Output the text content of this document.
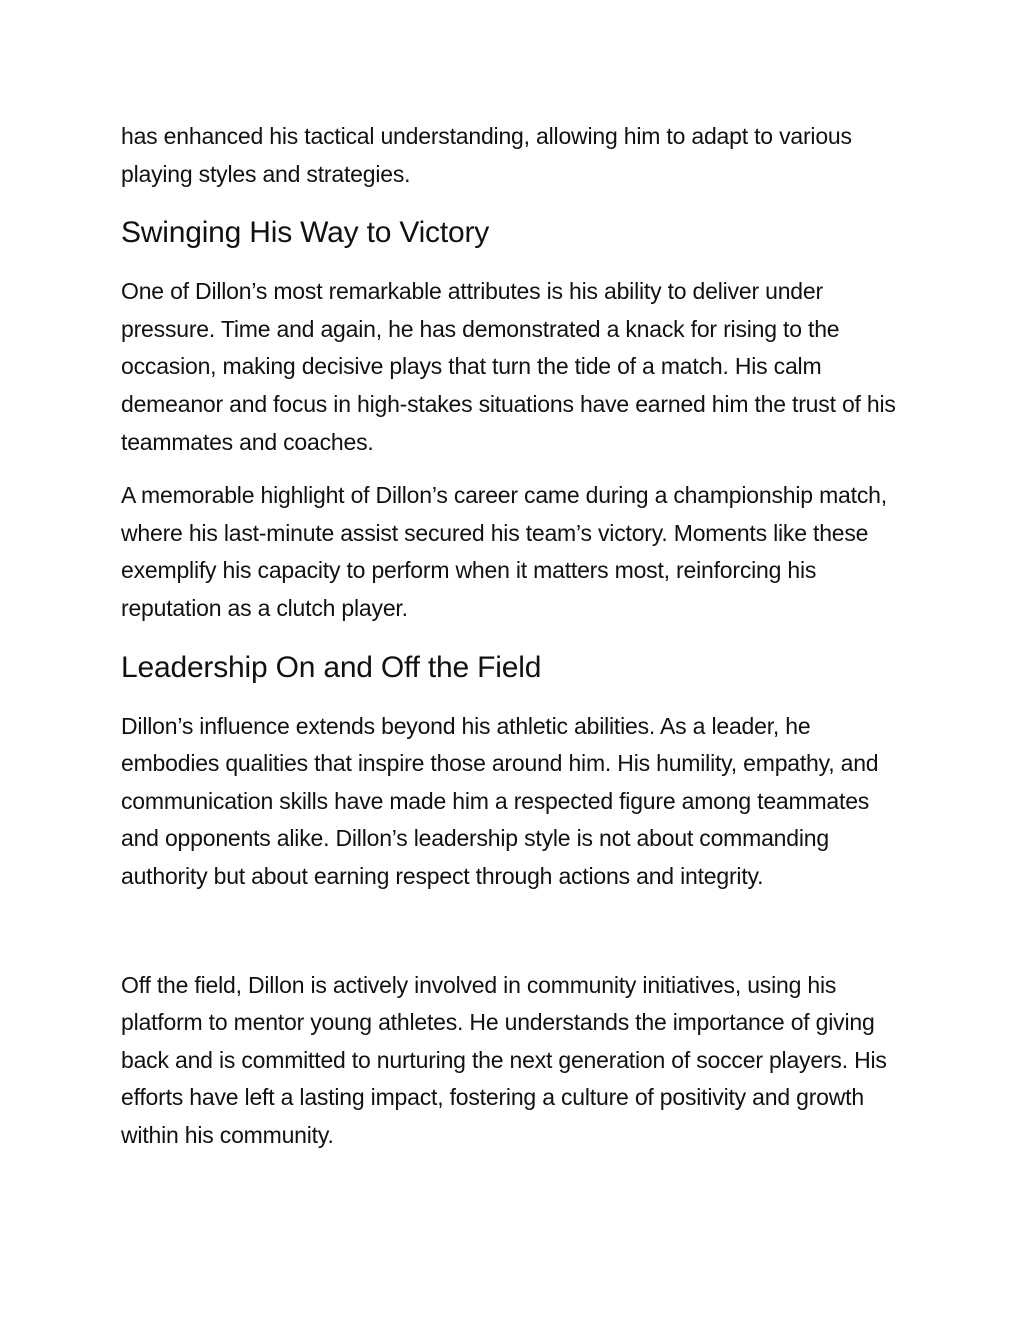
has enhanced his tactical understanding, allowing him to adapt to various playing styles and strategies.

Swinging His Way to Victory

One of Dillon’s most remarkable attributes is his ability to deliver under pressure. Time and again, he has demonstrated a knack for rising to the occasion, making decisive plays that turn the tide of a match. His calm demeanor and focus in high-stakes situations have earned him the trust of his teammates and coaches.

A memorable highlight of Dillon’s career came during a championship match, where his last-minute assist secured his team’s victory. Moments like these exemplify his capacity to perform when it matters most, reinforcing his reputation as a clutch player.

Leadership On and Off the Field

Dillon’s influence extends beyond his athletic abilities. As a leader, he embodies qualities that inspire those around him. His humility, empathy, and communication skills have made him a respected figure among teammates and opponents alike. Dillon’s leadership style is not about commanding authority but about earning respect through actions and integrity.

Off the field, Dillon is actively involved in community initiatives, using his platform to mentor young athletes. He understands the importance of giving back and is committed to nurturing the next generation of soccer players. His efforts have left a lasting impact, fostering a culture of positivity and growth within his community.
